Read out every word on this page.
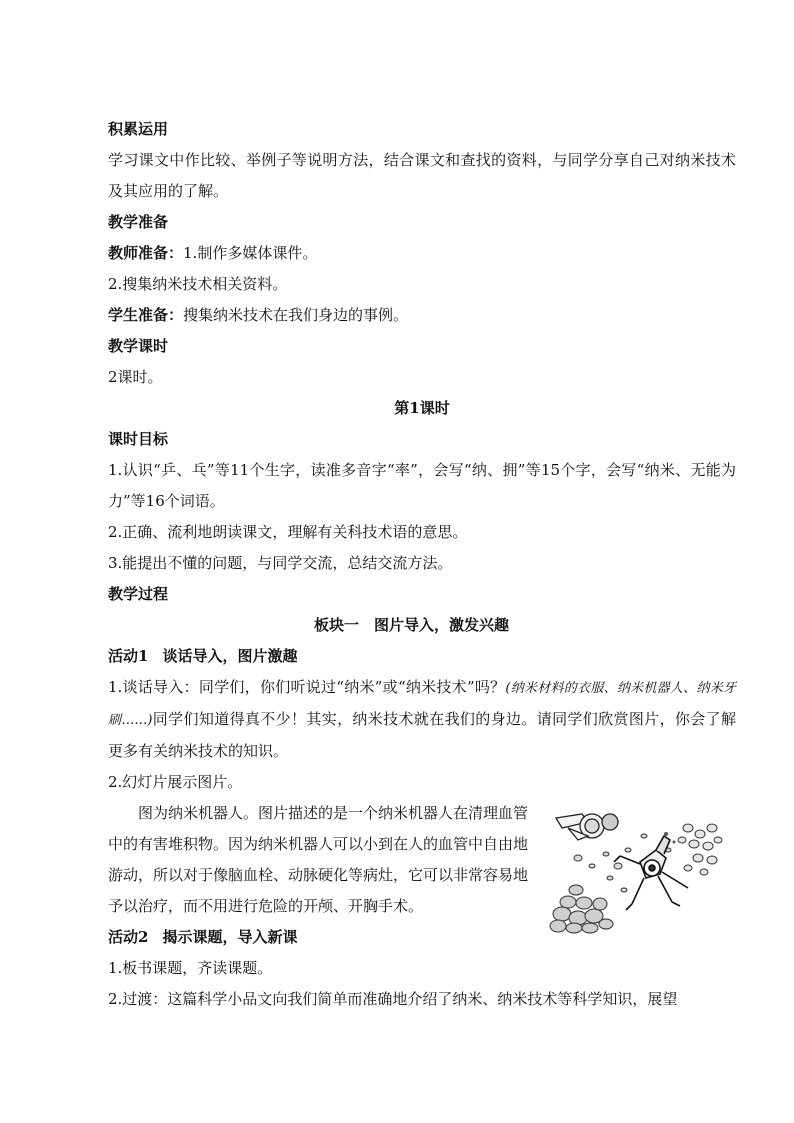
积累运用

学习课文中作比较、举例子等说明方法，结合课文和查找的资料，与同学分享自己对纳米技术及其应用的了解。

教学准备

教师准备：1.制作多媒体课件。

2.搜集纳米技术相关资料。

学生准备：搜集纳米技术在我们身边的事例。

教学课时

2课时。

第1课时

课时目标

1.认识“乒、乓”等11个生字，读准多音字“率”，会写“纳、拥”等15个字，会写“纳米、无能为力”等16个词语。

2.正确、流利地朗读课文，理解有关科技术语的意思。

3.能提出不懂的问题，与同学交流，总结交流方法。

教学过程

板块一　图片导入，激发兴趣

活动1 谈话导入，图片激趣

1.谈话导入：同学们，你们听说过“纳米”或“纳米技术”吗？(纳米材料的衣服、纳米机器人、纳米牙刷……)同学们知道得真不少！其实，纳米技术就在我们的身边。请同学们欣赏图片，你会了解更多有关纳米技术的知识。

2.幻灯片展示图片。

图为纳米机器人。图片描述的是一个纳米机器人在清理血管中的有害堆积物。因为纳米机器人可以小到在人的血管中自由地游动，所以对于像脑血栓、动脉硬化等病灶，它可以非常容易地予以治疗，而不用进行危险的开颅、开胸手术。

活动2 揭示课题，导入新课

1.板书课题，齐读课题。

2.过渡：这篇科学小品文向我们简单而准确地介绍了纳米、纳米技术等科学知识，展望
